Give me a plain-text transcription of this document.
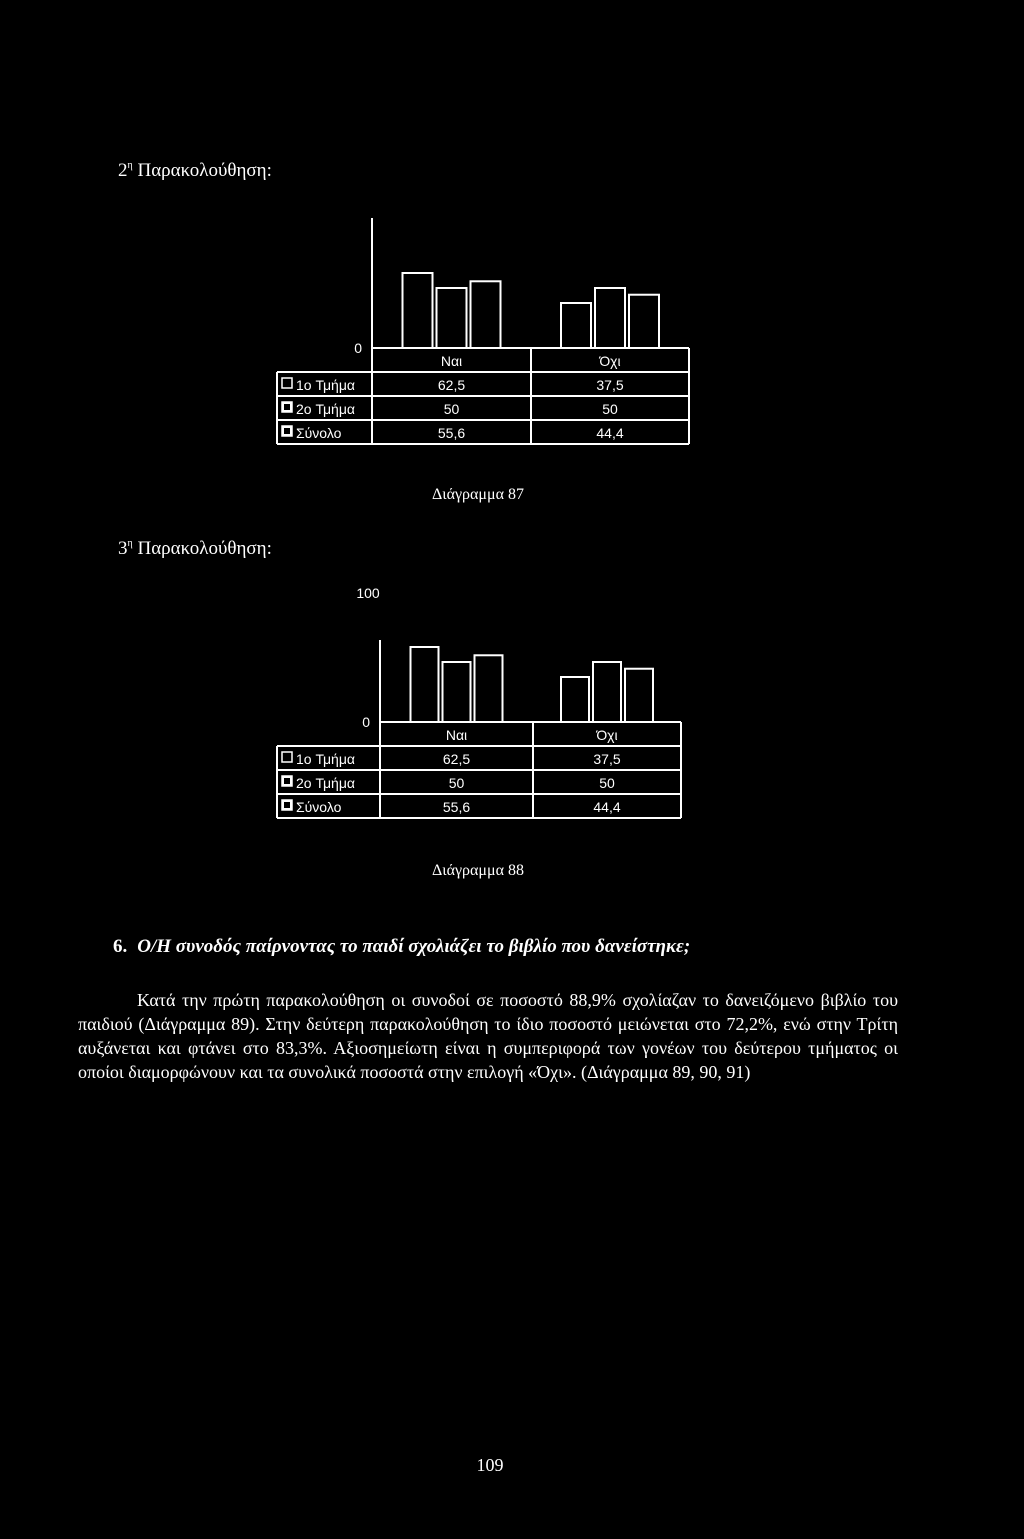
$2^\eta$ Παρακολούθηση:
0
Ναι	Όχι
1o Τμήμα	62,5	37,5
2o Τμήμα	50	50
Σύνολο	55,6	44,4
Διάγραμμα 87
$3^\eta$ Παρακολούθηση:
100
0
Ναι	Όχι
1o Τμήμα	62,5	37,5
2o Τμήμα	50	50
Σύνολο	55,6	44,4
Διάγραμμα 88
6. Ο/Η συνοδός παίρνοντας το παιδί σχολιάζει το βιβλίο που δανείστηκε;
Κατά την πρώτη παρακολούθηση οι συνοδοί σε ποσοστό 88,9% σχολίαζαν το δανειζόμενο βιβλίο του παιδιού (Διάγραμμα 89). Στην δεύτερη παρακολούθηση το ίδιο ποσοστό μειώνεται στο 72,2%, ενώ στην Τρίτη αυξάνεται και φτάνει στο 83,3%. Αξιοσημείωτη είναι η συμπεριφορά των γονέων του δεύτερου τμήματος οι οποίοι διαμορφώνουν και τα συνολικά ποσοστά στην επιλογή «Όχι». (Διάγραμμα 89, 90, 91)
109
